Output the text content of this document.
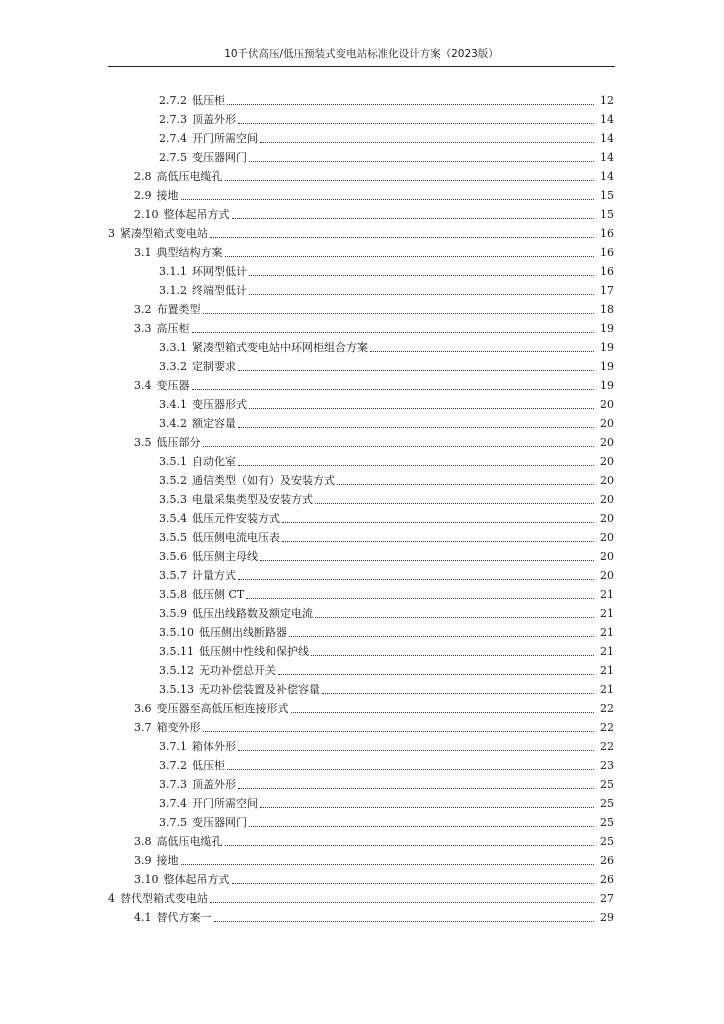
10千伏高压/低压预装式变电站标准化设计方案（2023版）
2.7.2 低压柜	12
2.7.3 顶盖外形	14
2.7.4 开门所需空间	14
2.7.5 变压器网门	14
2.8 高低压电缆孔	14
2.9 接地	15
2.10 整体起吊方式	15
3 紧凑型箱式变电站	16
3.1 典型结构方案	16
3.1.1 环网型低计	16
3.1.2 终端型低计	17
3.2 布置类型	18
3.3 高压柜	19
3.3.1 紧凑型箱式变电站中环网柜组合方案	19
3.3.2 定制要求	19
3.4 变压器	19
3.4.1 变压器形式	20
3.4.2 额定容量	20
3.5 低压部分	20
3.5.1 自动化室	20
3.5.2 通信类型（如有）及安装方式	20
3.5.3 电量采集类型及安装方式	20
3.5.4 低压元件安装方式	20
3.5.5 低压侧电流电压表	20
3.5.6 低压侧主母线	20
3.5.7 计量方式	20
3.5.8 低压侧 CT	21
3.5.9 低压出线路数及额定电流	21
3.5.10 低压侧出线断路器	21
3.5.11 低压侧中性线和保护线	21
3.5.12 无功补偿总开关	21
3.5.13 无功补偿装置及补偿容量	21
3.6 变压器至高低压柜连接形式	22
3.7 箱变外形	22
3.7.1 箱体外形	22
3.7.2 低压柜	23
3.7.3 顶盖外形	25
3.7.4 开门所需空间	25
3.7.5 变压器网门	25
3.8 高低压电缆孔	25
3.9 接地	26
3.10 整体起吊方式	26
4 替代型箱式变电站	27
4.1 替代方案一	29
